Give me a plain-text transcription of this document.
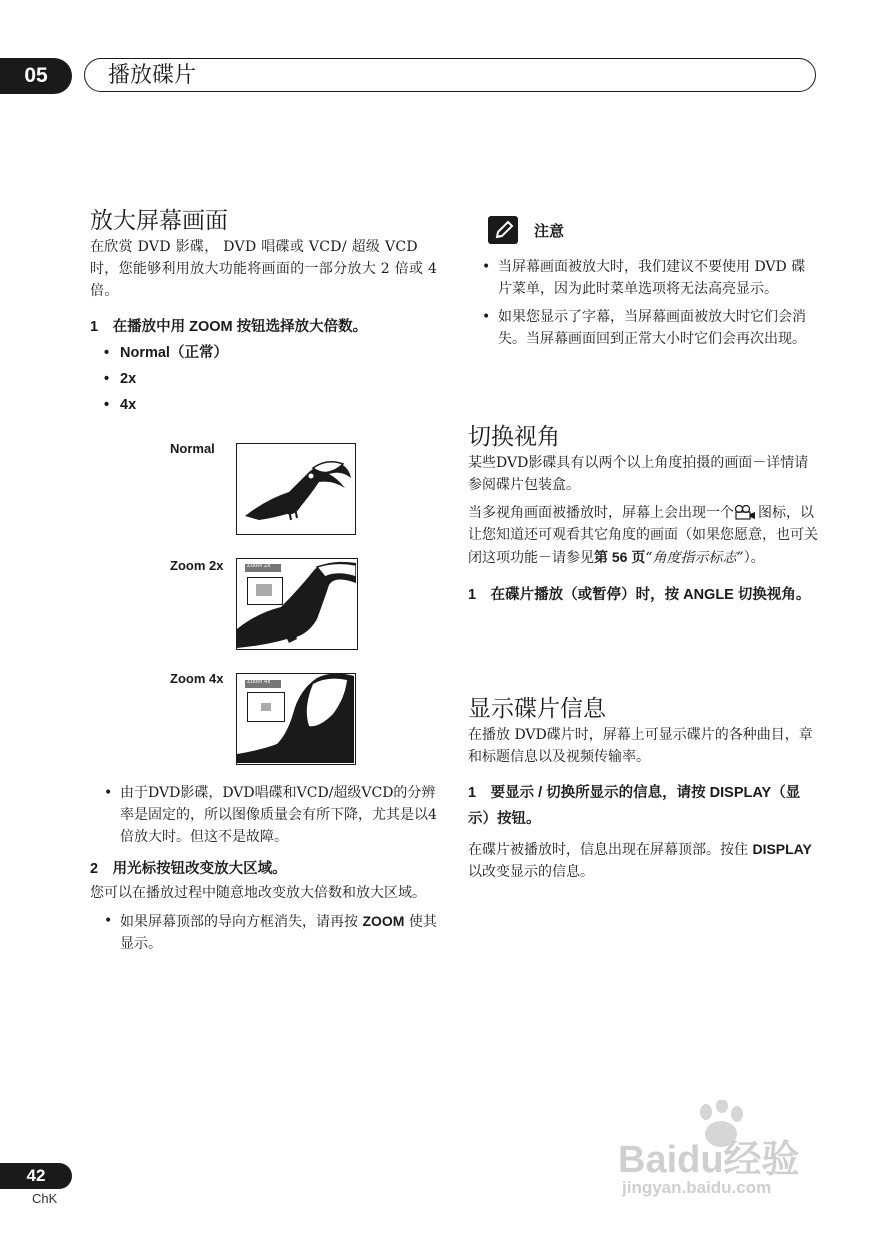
05	播放碟片
放大屏幕画面

在欣赏 DVD 影碟， DVD 唱碟或 VCD/ 超级 VCD 时，您能够利用放大功能将画面的一部分放大 2 倍或 4 倍。

1　在播放中用 ZOOM 按钮选择放大倍数。

• Normal（正常）

• 2x

• 4x

Normal
Zoom 2x
Zoom 4x
Zoom 2x
Zoom 4x

• 由于DVD影碟，DVD唱碟和VCD/超级VCD的分辨率是固定的，所以图像质量会有所下降，尤其是以4倍放大时。但这不是故障。

2　用光标按钮改变放大区域。

您可以在播放过程中随意地改变放大倍数和放大区域。

• 如果屏幕顶部的导向方框消失，请再按 ZOOM 使其显示。

注意

• 当屏幕画面被放大时，我们建议不要使用 DVD 碟片菜单，因为此时菜单选项将无法高亮显示。

• 如果您显示了字幕，当屏幕画面被放大时它们会消失。当屏幕画面回到正常大小时它们会再次出现。

切换视角

某些DVD影碟具有以两个以上角度拍摄的画面－详情请参阅碟片包装盒。

当多视角画面被播放时，屏幕上会出现一个 图标，以让您知道还可观看其它角度的画面（如果您愿意，也可关闭这项功能－请参见第 56 页“角度指示标志”）。

1　在碟片播放（或暂停）时，按 ANGLE 切换视角。

显示碟片信息

在播放 DVD碟片时，屏幕上可显示碟片的各种曲目，章和标题信息以及视频传输率。

1　要显示 / 切换所显示的信息，请按 DISPLAY（显示）按钮。

在碟片被播放时，信息出现在屏幕顶部。按住 DISPLAY 以改变显示的信息。

42
ChK
Baidu经验
jingyan.baidu.com
